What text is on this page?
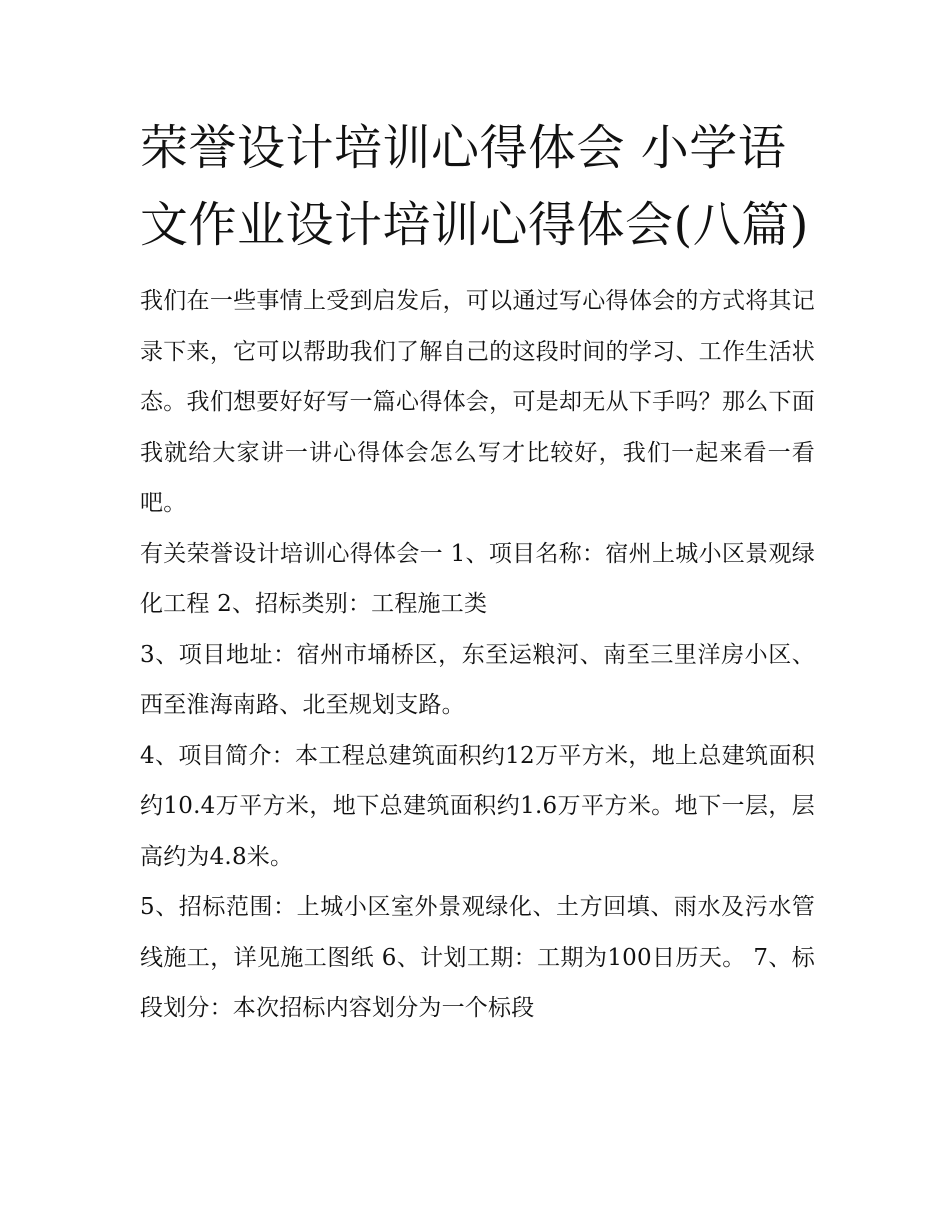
荣誉设计培训心得体会 小学语文作业设计培训心得体会(八篇)

我们在一些事情上受到启发后，可以通过写心得体会的方式将其记录下来，它可以帮助我们了解自己的这段时间的学习、工作生活状态。我们想要好好写一篇心得体会，可是却无从下手吗？那么下面我就给大家讲一讲心得体会怎么写才比较好，我们一起来看一看吧。

有关荣誉设计培训心得体会一 1、项目名称：宿州上城小区景观绿化工程 2、招标类别：工程施工类

3、项目地址：宿州市埇桥区，东至运粮河、南至三里洋房小区、西至淮海南路、北至规划支路。

4、项目简介：本工程总建筑面积约12万平方米，地上总建筑面积约10.4万平方米，地下总建筑面积约1.6万平方米。地下一层，层高约为4.8米。

5、招标范围：上城小区室外景观绿化、土方回填、雨水及污水管线施工，详见施工图纸 6、计划工期：工期为100日历天。 7、标段划分：本次招标内容划分为一个标段
